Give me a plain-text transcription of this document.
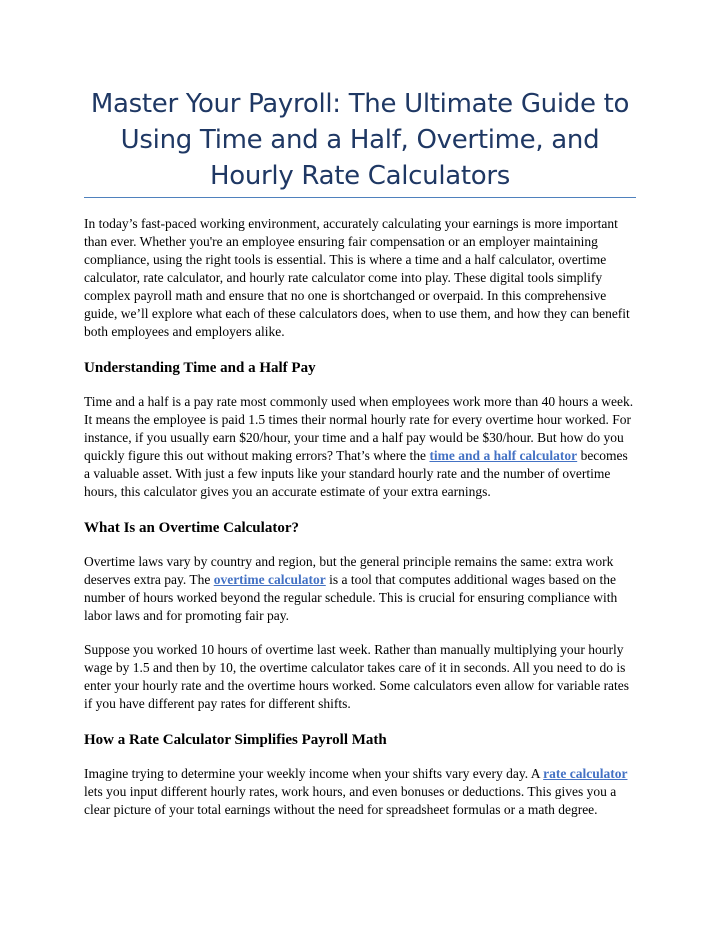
Master Your Payroll: The Ultimate Guide to Using Time and a Half, Overtime, and Hourly Rate Calculators

In today’s fast-paced working environment, accurately calculating your earnings is more important than ever. Whether you're an employee ensuring fair compensation or an employer maintaining compliance, using the right tools is essential. This is where a time and a half calculator, overtime calculator, rate calculator, and hourly rate calculator come into play. These digital tools simplify complex payroll math and ensure that no one is shortchanged or overpaid. In this comprehensive guide, we’ll explore what each of these calculators does, when to use them, and how they can benefit both employees and employers alike.

Understanding Time and a Half Pay

Time and a half is a pay rate most commonly used when employees work more than 40 hours a week. It means the employee is paid 1.5 times their normal hourly rate for every overtime hour worked. For instance, if you usually earn $20/hour, your time and a half pay would be $30/hour. But how do you quickly figure this out without making errors? That’s where the time and a half calculator becomes a valuable asset. With just a few inputs like your standard hourly rate and the number of overtime hours, this calculator gives you an accurate estimate of your extra earnings.

What Is an Overtime Calculator?

Overtime laws vary by country and region, but the general principle remains the same: extra work deserves extra pay. The overtime calculator is a tool that computes additional wages based on the number of hours worked beyond the regular schedule. This is crucial for ensuring compliance with labor laws and for promoting fair pay.

Suppose you worked 10 hours of overtime last week. Rather than manually multiplying your hourly wage by 1.5 and then by 10, the overtime calculator takes care of it in seconds. All you need to do is enter your hourly rate and the overtime hours worked. Some calculators even allow for variable rates if you have different pay rates for different shifts.

How a Rate Calculator Simplifies Payroll Math

Imagine trying to determine your weekly income when your shifts vary every day. A rate calculator lets you input different hourly rates, work hours, and even bonuses or deductions. This gives you a clear picture of your total earnings without the need for spreadsheet formulas or a math degree.
